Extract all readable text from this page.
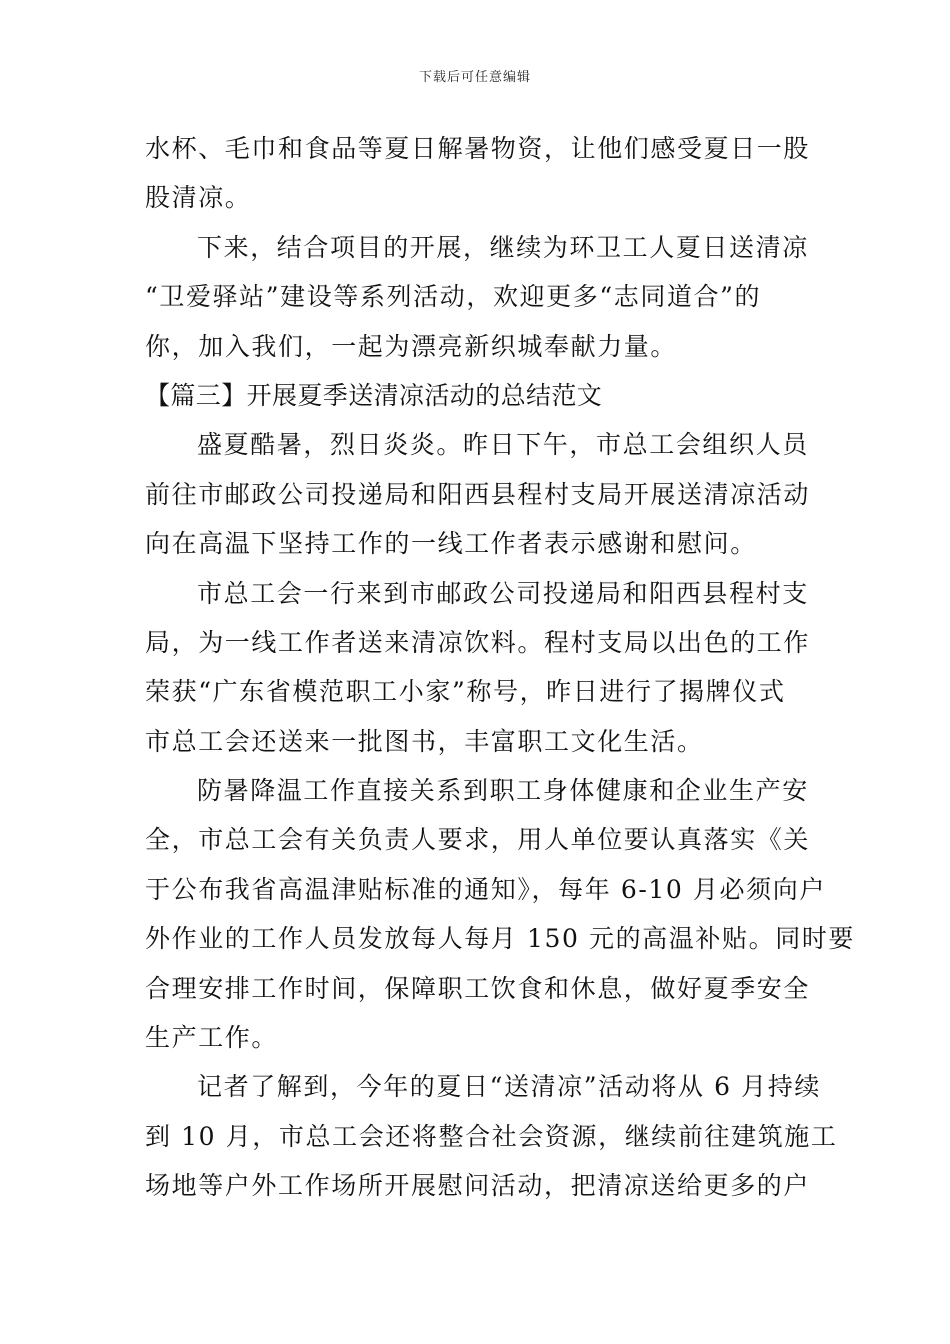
下载后可任意编辑
水杯、毛巾和食品等夏日解暑物资，让他们感受夏日一股
股清凉。
下来，结合项目的开展，继续为环卫工人夏日送清凉
“卫爱驿站”建设等系列活动，欢迎更多“志同道合”的
你，加入我们，一起为漂亮新织城奉献力量。
【篇三】开展夏季送清凉活动的总结范文
盛夏酷暑，烈日炎炎。昨日下午，市总工会组织人员
前往市邮政公司投递局和阳西县程村支局开展送清凉活动
向在高温下坚持工作的一线工作者表示感谢和慰问。
市总工会一行来到市邮政公司投递局和阳西县程村支
局，为一线工作者送来清凉饮料。程村支局以出色的工作
荣获“广东省模范职工小家”称号，昨日进行了揭牌仪式
市总工会还送来一批图书，丰富职工文化生活。
防暑降温工作直接关系到职工身体健康和企业生产安
全，市总工会有关负责人要求，用人单位要认真落实《关
于公布我省高温津贴标准的通知》，每年 6-10 月必须向户
外作业的工作人员发放每人每月 150 元的高温补贴。同时要
合理安排工作时间，保障职工饮食和休息，做好夏季安全
生产工作。
记者了解到，今年的夏日“送清凉”活动将从 6 月持续
到 10 月，市总工会还将整合社会资源，继续前往建筑施工
场地等户外工作场所开展慰问活动，把清凉送给更多的户
